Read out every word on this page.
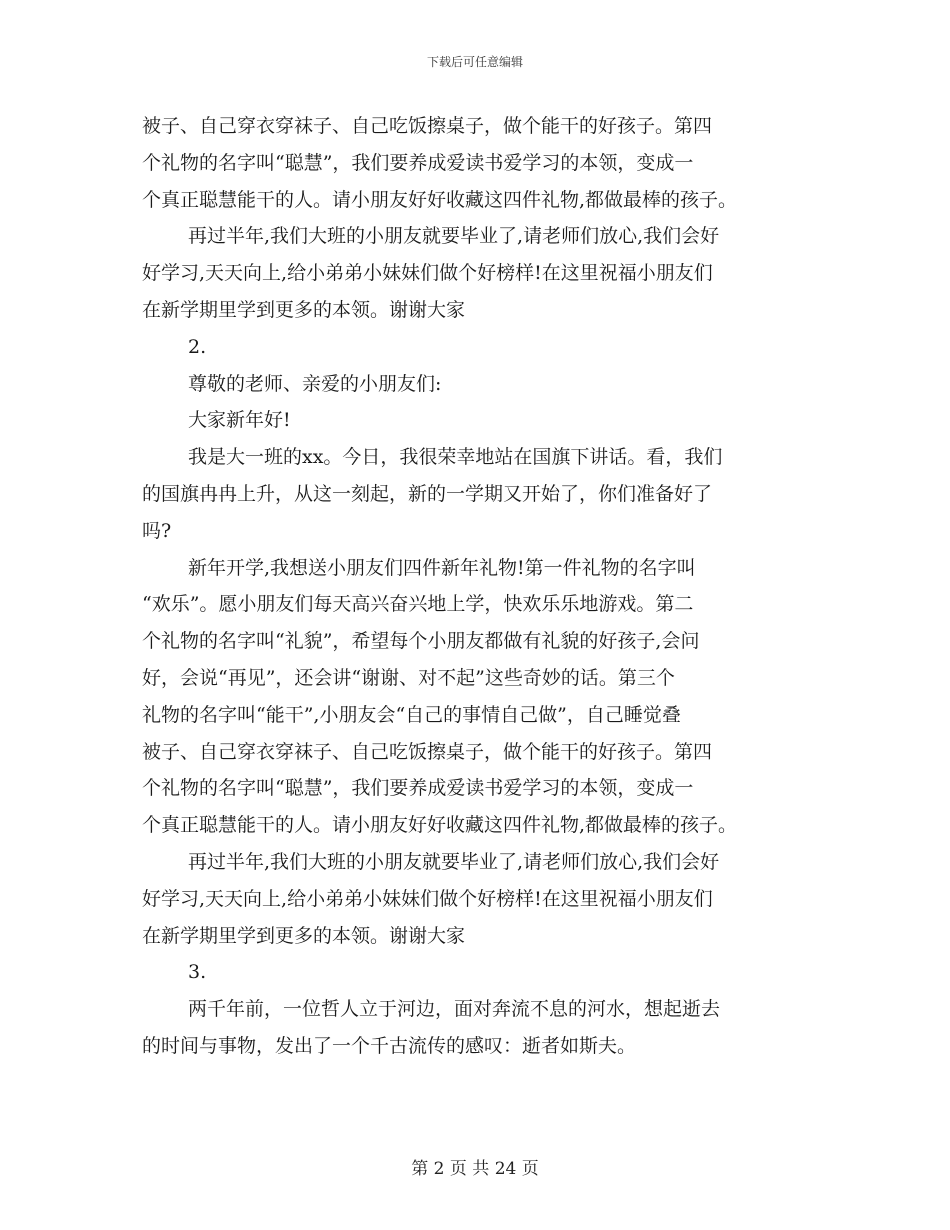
下载后可任意编辑
被子、自己穿衣穿袜子、自己吃饭擦桌子，做个能干的好孩子。第四
个礼物的名字叫“聪慧”，我们要养成爱读书爱学习的本领，变成一
个真正聪慧能干的人。请小朋友好好收藏这四件礼物,都做最棒的孩子。
再过半年,我们大班的小朋友就要毕业了,请老师们放心,我们会好
好学习,天天向上,给小弟弟小妹妹们做个好榜样!在这里祝福小朋友们
在新学期里学到更多的本领。谢谢大家
2.
尊敬的老师、亲爱的小朋友们:
大家新年好!
我是大一班的xx。今日，我很荣幸地站在国旗下讲话。看，我们
的国旗冉冉上升，从这一刻起，新的一学期又开始了，你们准备好了
吗?
新年开学,我想送小朋友们四件新年礼物!第一件礼物的名字叫
“欢乐”。愿小朋友们每天高兴奋兴地上学，快欢乐乐地游戏。第二
个礼物的名字叫“礼貌”，希望每个小朋友都做有礼貌的好孩子,会问
好，会说“再见”，还会讲“谢谢、对不起”这些奇妙的话。第三个
礼物的名字叫“能干”,小朋友会“自己的事情自己做”，自己睡觉叠
被子、自己穿衣穿袜子、自己吃饭擦桌子，做个能干的好孩子。第四
个礼物的名字叫“聪慧”，我们要养成爱读书爱学习的本领，变成一
个真正聪慧能干的人。请小朋友好好收藏这四件礼物,都做最棒的孩子。
再过半年,我们大班的小朋友就要毕业了,请老师们放心,我们会好
好学习,天天向上,给小弟弟小妹妹们做个好榜样!在这里祝福小朋友们
在新学期里学到更多的本领。谢谢大家
3.
两千年前，一位哲人立于河边，面对奔流不息的河水，想起逝去
的时间与事物，发出了一个千古流传的感叹：逝者如斯夫。
第 2 页 共 24 页
